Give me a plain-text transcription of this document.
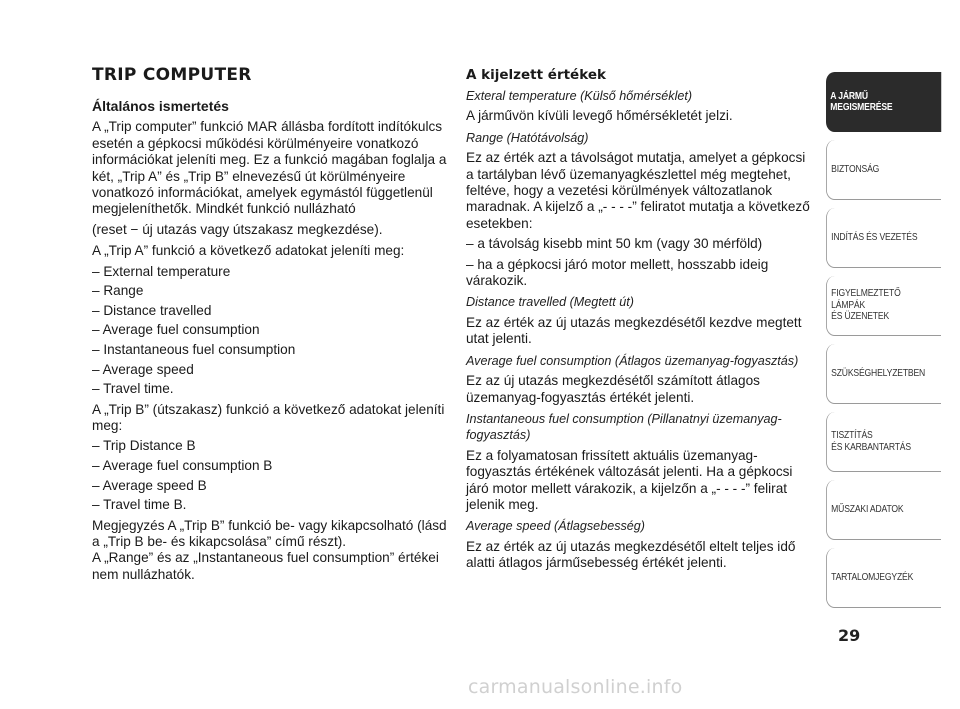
TRIP COMPUTER
Általános ismertetés

A „Trip computer” funkció MAR állásba fordított indítókulcs esetén a gépkocsi működési körülményeire vonatkozó információkat jeleníti meg. Ez a funkció magában foglalja a két, „Trip A” és „Trip B” elnevezésű út körülményeire vonatkozó információkat, amelyek egymástól függetlenül megjeleníthetők. Mindkét funkció nullázható

(reset − új utazás vagy útszakasz megkezdése).

A „Trip A” funkció a következő adatokat jeleníti meg:

– External temperature
– Range
– Distance travelled
– Average fuel consumption
– Instantaneous fuel consumption
– Average speed
– Travel time.

A „Trip B” (útszakasz) funkció a következő adatokat jeleníti meg:

– Trip Distance B
– Average fuel consumption B
– Average speed B
– Travel time B.

Megjegyzés A „Trip B” funkció be- vagy kikapcsolható (lásd a „Trip B be- és kikapcsolása” című részt).

A „Range” és az „Instantaneous fuel consumption” értékei nem nullázhatók.

A kijelzett értékek
Exteral temperature (Külső hőmérséklet)

A járművön kívüli levegő hőmérsékletét jelzi.

Range (Hatótávolság)

Ez az érték azt a távolságot mutatja, amelyet a gépkocsi a tartályban lévő üzemanyagkészlettel még megtehet, feltéve, hogy a vezetési körülmények változatlanok maradnak. A kijelző a „- - - -” feliratot mutatja a következő esetekben:

– a távolság kisebb mint 50 km (vagy 30 mérföld)

– ha a gépkocsi járó motor mellett, hosszabb ideig várakozik.

Distance travelled (Megtett út)

Ez az érték az új utazás megkezdésétől kezdve megtett utat jelenti.

Average fuel consumption (Átlagos üzemanyag-fogyasztás)

Ez az új utazás megkezdésétől számított átlagos üzemanyag-fogyasztás értékét jelenti.

Instantaneous fuel consumption (Pillanatnyi üzemanyag-fogyasztás)

Ez a folyamatosan frissített aktuális üzemanyag-fogyasztás értékének változását jelenti. Ha a gépkocsi járó motor mellett várakozik, a kijelzőn a „- - - -” felirat jelenik meg.

Average speed (Átlagsebesség)

Ez az érték az új utazás megkezdésétől eltelt teljes idő alatti átlagos járműsebesség értékét jelenti.

A JÁRMŰ
MEGISMERÉSE
BIZTONSÁG
INDÍTÁS ÉS VEZETÉS
FIGYELMEZTETŐ
LÁMPÁK
ÉS ÜZENETEK
SZÜKSÉGHELYZETBEN
TISZTÍTÁS
ÉS KARBANTARTÁS
MŰSZAKI ADATOK
TARTALOMJEGYZÉK
29
carmanualsonline.info
